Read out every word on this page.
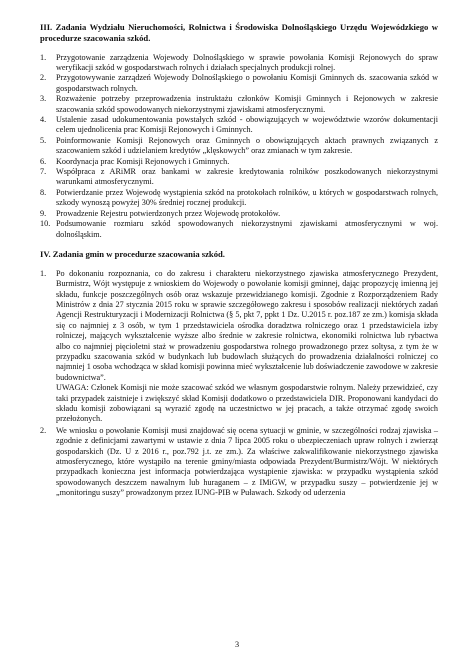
III. Zadania Wydziału Nieruchomości, Rolnictwa i Środowiska Dolnośląskiego Urzędu Wojewódzkiego w procedurze szacowania szkód.
1. Przygotowanie zarządzenia Wojewody Dolnośląskiego w sprawie powołania Komisji Rejonowych do spraw weryfikacji szkód w gospodarstwach rolnych i działach specjalnych produkcji rolnej.
2. Przygotowywanie zarządzeń Wojewody Dolnośląskiego o powołaniu Komisji Gminnych ds. szacowania szkód w gospodarstwach rolnych.
3. Rozważenie potrzeby przeprowadzenia instruktażu członków Komisji Gminnych i Rejonowych w zakresie szacowania szkód spowodowanych niekorzystnymi zjawiskami atmosferycznymi.
4. Ustalenie zasad udokumentowania powstałych szkód - obowiązujących w województwie wzorów dokumentacji celem ujednolicenia prac Komisji Rejonowych i Gminnych.
5. Poinformowanie Komisji Rejonowych oraz Gminnych o obowiązujących aktach prawnych związanych z szacowaniem szkód i udzielaniem kredytów „klęskowych” oraz zmianach w tym zakresie.
6. Koordynacja prac Komisji Rejonowych i Gminnych.
7. Współpraca z ARiMR oraz bankami w zakresie kredytowania rolników poszkodowanych niekorzystnymi warunkami atmosferycznymi.
8. Potwierdzanie przez Wojewodę wystąpienia szkód na protokołach rolników, u których w gospodarstwach rolnych, szkody wynoszą powyżej 30% średniej rocznej produkcji.
9. Prowadzenie Rejestru potwierdzonych przez Wojewodę protokołów.
10. Podsumowanie rozmiaru szkód spowodowanych niekorzystnymi zjawiskami atmosferycznymi w woj. dolnośląskim.
IV. Zadania gmin w procedurze szacowania szkód.
1. Po dokonaniu rozpoznania, co do zakresu i charakteru niekorzystnego zjawiska atmosferycznego Prezydent, Burmistrz, Wójt występuje z wnioskiem do Wojewody o powołanie komisji gminnej, dając propozycję imienną jej składu, funkcje poszczególnych osób oraz wskazuje przewidzianego komisji. Zgodnie z Rozporządzeniem Rady Ministrów z dnia 27 stycznia 2015 roku w sprawie szczegółowego zakresu i sposobów realizacji niektórych zadań Agencji Restrukturyzacji i Modernizacji Rolnictwa (§ 5, pkt 7, ppkt 1 Dz. U.2015 r. poz.187 ze zm.) komisja składa się co najmniej z 3 osób, w tym 1 przedstawiciela ośrodka doradztwa rolniczego oraz 1 przedstawiciela izby rolniczej, mających wykształcenie wyższe albo średnie w zakresie rolnictwa, ekonomiki rolnictwa lub rybactwa albo co najmniej pięcioletni staż w prowadzeniu gospodarstwa rolnego prowadzonego przez soltysa, z tym że w przypadku szacowania szkód w budynkach lub budowlach służących do prowadzenia działalności rolniczej co najmniej 1 osoba wchodząca w skład komisji powinna mieć wykształcenie lub doświadczenie zawodowe w zakresie budownictwa”.
UWAGA: Członek Komisji nie może szacować szkód we własnym gospodarstwie rolnym. Należy przewidzieć, czy taki przypadek zaistnieje i zwiększyć skład Komisji dodatkowo o przedstawiciela DIR. Proponowani kandydaci do składu komisji zobowiązani są wyrazić zgodę na uczestnictwo w jej pracach, a także otrzymać zgodę swoich przełożonych.
2. We wniosku o powołanie Komisji musi znajdować się ocena sytuacji w gminie, w szczególności rodzaj zjawiska – zgodnie z definicjami zawartymi w ustawie z dnia 7 lipca 2005 roku o ubezpieczeniach upraw rolnych i zwierząt gospodarskich (Dz. U z 2016 r., poz.792 j.t. ze zm.). Za właściwe zakwalifikowanie niekorzystnego zjawiska atmosferycznego, które wystąpiło na terenie gminy/miasta odpowiada Prezydent/Burmistrz/Wójt. W niektórych przypadkach konieczna jest informacja potwierdzająca wystąpienie zjawiska: w przypadku wystąpienia szkód spowodowanych deszczem nawalnym lub huraganem – z IMiGW, w przypadku suszy – potwierdzenie jej w „monitoringu suszy” prowadzonym przez IUNG-PIB w Puławach. Szkody od uderzenia
3
